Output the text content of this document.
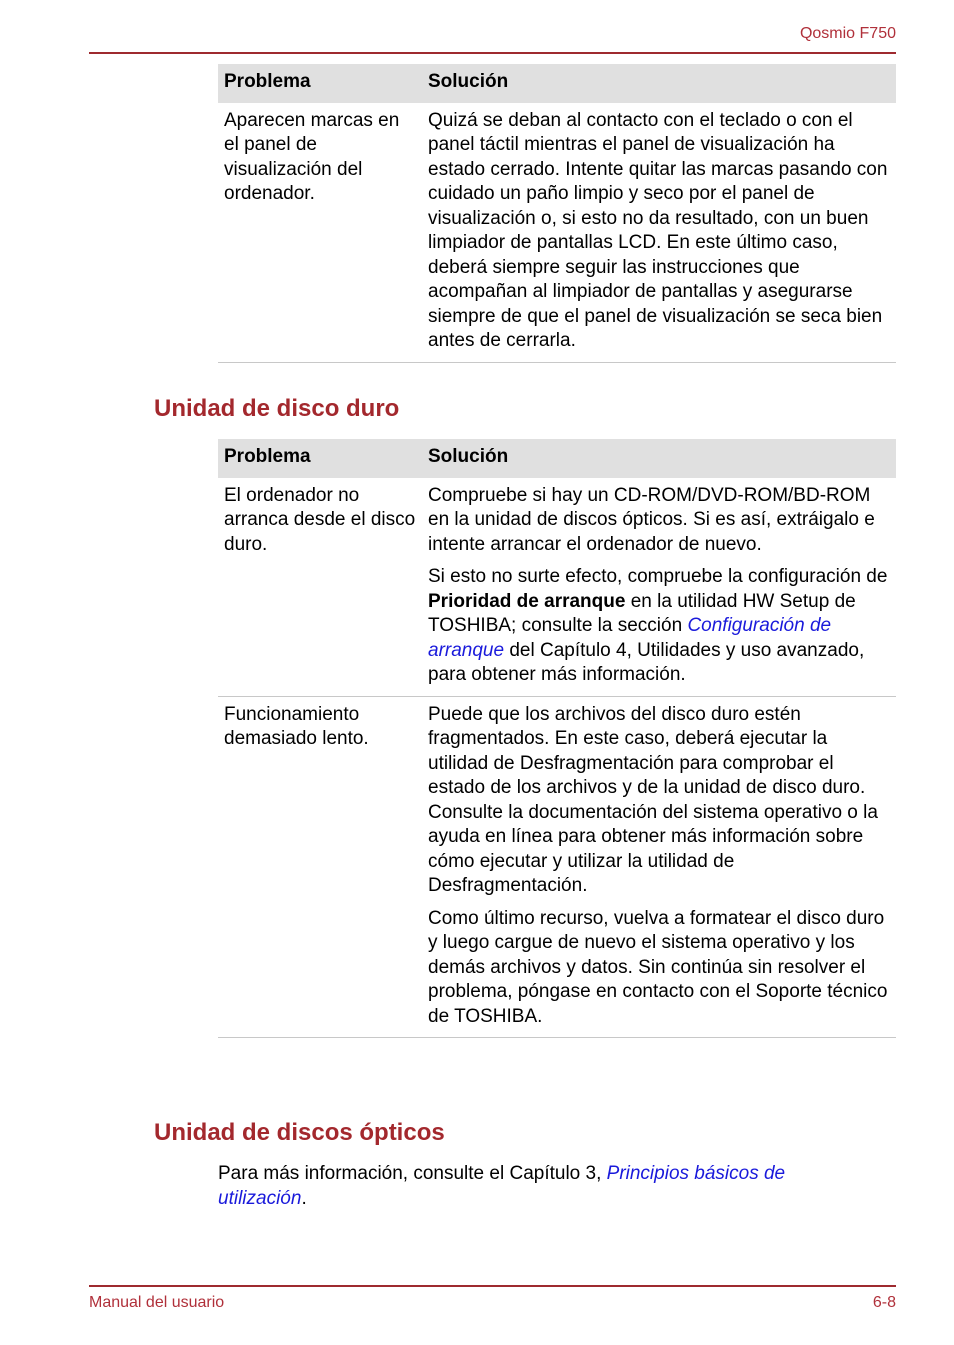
Qosmio F750
Problema	Solución

Aparecen marcas en el panel de visualización del ordenador.	Quizá se deban al contacto con el teclado o con el panel táctil mientras el panel de visualización ha estado cerrado. Intente quitar las marcas pasando con cuidado un paño limpio y seco por el panel de visualización o, si esto no da resultado, con un buen limpiador de pantallas LCD. En este último caso, deberá siempre seguir las instrucciones que acompañan al limpiador de pantallas y asegurarse siempre de que el panel de visualización se seca bien antes de cerrarla.

Unidad de disco duro
Problema	Solución

El ordenador no arranca desde el disco duro.	Compruebe si hay un CD-ROM/DVD-ROM/BD-ROM en la unidad de discos ópticos. Si es así, extráigalo e intente arrancar el ordenador de nuevo.

Si esto no surte efecto, compruebe la configuración de Prioridad de arranque en la utilidad HW Setup de TOSHIBA; consulte la sección Configuración de arranque del Capítulo 4, Utilidades y uso avanzado, para obtener más información.

Funcionamiento demasiado lento.	Puede que los archivos del disco duro estén fragmentados. En este caso, deberá ejecutar la utilidad de Desfragmentación para comprobar el estado de los archivos y de la unidad de disco duro. Consulte la documentación del sistema operativo o la ayuda en línea para obtener más información sobre cómo ejecutar y utilizar la utilidad de Desfragmentación.

Como último recurso, vuelva a formatear el disco duro y luego cargue de nuevo el sistema operativo y los demás archivos y datos. Sin continúa sin resolver el problema, póngase en contacto con el Soporte técnico de TOSHIBA.

Unidad de discos ópticos

Para más información, consulte el Capítulo 3, Principios básicos de utilización.

Manual del usuario	6-8
